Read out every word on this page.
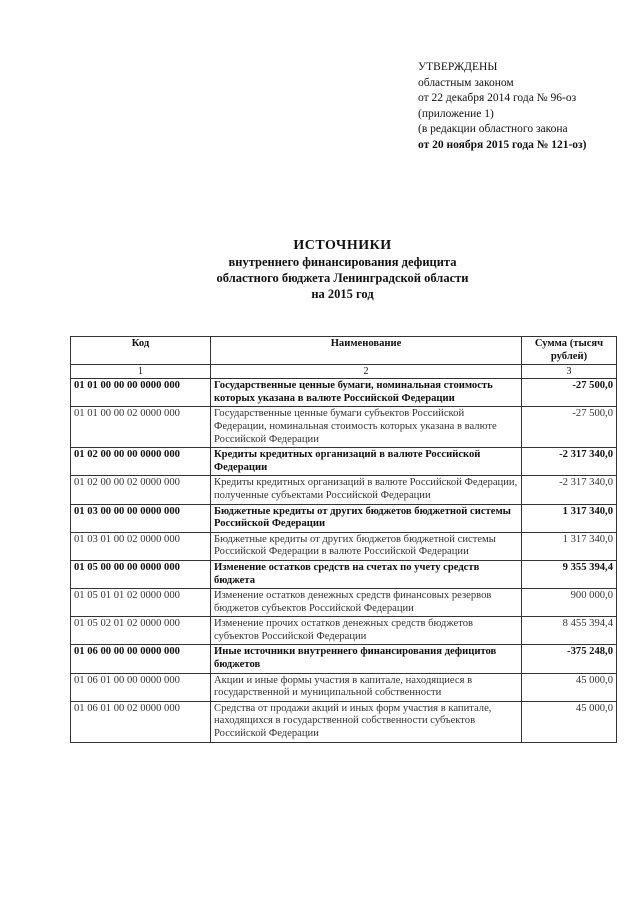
УТВЕРЖДЕНЫ
областным законом
от 22 декабря 2014 года № 96-оз
(приложение 1)
(в редакции областного закона
от 20 ноября 2015 года № 121-оз)
ИСТОЧНИКИ
внутреннего финансирования дефицита
областного бюджета Ленинградской области
на 2015 год
Код	Наименование	Сумма (тысяч рублей)
1	2	3
01 01 00 00 00 0000 000	Государственные ценные бумаги, номинальная стоимость которых указана в валюте Российской Федерации	-27 500,0
01 01 00 00 02 0000 000	Государственные ценные бумаги субъектов Российской Федерации, номинальная стоимость которых указана в валюте Российской Федерации	-27 500,0
01 02 00 00 00 0000 000	Кредиты кредитных организаций в валюте Российской Федерации	-2 317 340,0
01 02 00 00 02 0000 000	Кредиты кредитных организаций в валюте Российской Федерации, полученные субъектами Российской Федерации	-2 317 340,0
01 03 00 00 00 0000 000	Бюджетные кредиты от других бюджетов бюджетной системы Российской Федерации	1 317 340,0
01 03 01 00 02 0000 000	Бюджетные кредиты от других бюджетов бюджетной системы Российской Федерации в валюте Российской Федерации	1 317 340,0
01 05 00 00 00 0000 000	Изменение остатков средств на счетах по учету средств бюджета	9 355 394,4
01 05 01 01 02 0000 000	Изменение остатков денежных средств финансовых резервов бюджетов субъектов Российской Федерации	900 000,0
01 05 02 01 02 0000 000	Изменение прочих остатков денежных средств бюджетов субъектов Российской Федерации	8 455 394,4
01 06 00 00 00 0000 000	Иные источники внутреннего финансирования дефицитов бюджетов	-375 248,0
01 06 01 00 00 0000 000	Акции и иные формы участия в капитале, находящиеся в государственной и муниципальной собственности	45 000,0
01 06 01 00 02 0000 000	Средства от продажи акций и иных форм участия в капитале, находящихся в государственной собственности субъектов Российской Федерации	45 000,0
